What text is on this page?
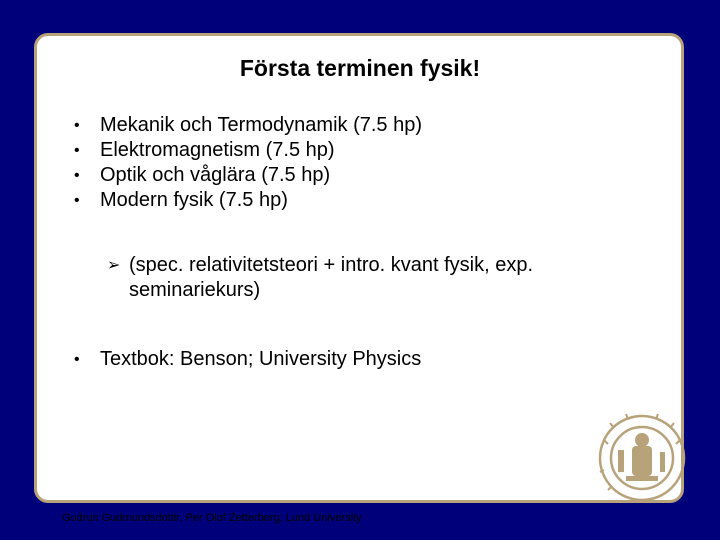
Första terminen fysik!
• Mekanik och Termodynamik (7.5 hp)
• Elektromagnetism (7.5 hp)
• Optik och våglära (7.5 hp)
• Modern fysik (7.5 hp)
➢ (spec. relativitetsteori + intro. kvant fysik, exp. seminariekurs)
• Textbok: Benson; University Physics
Gudrun Gudmundsdottir, Per Olof Zetterberg, Lund University
